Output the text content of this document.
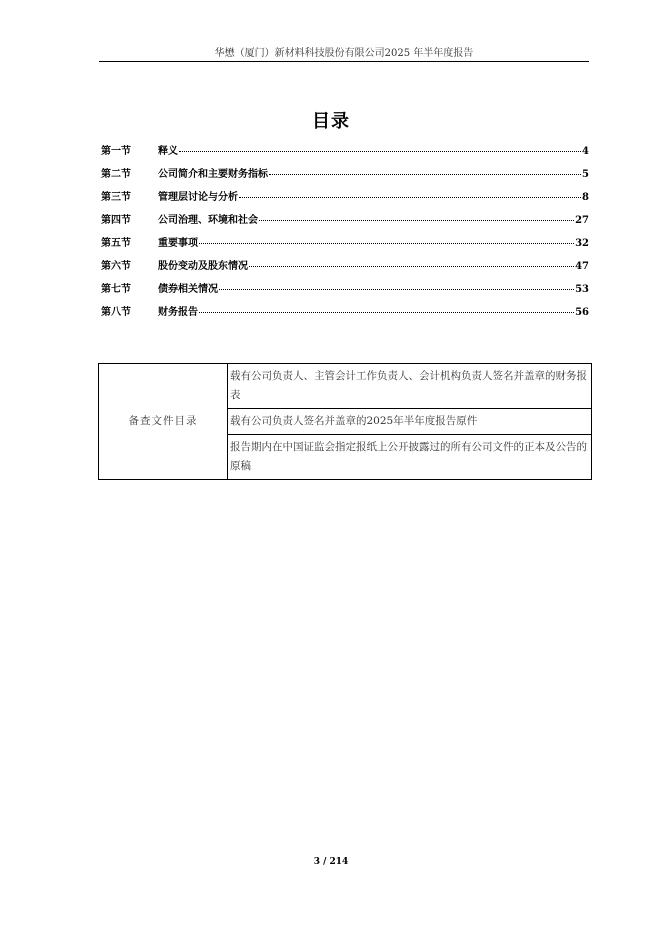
华懋（厦门）新材料科技股份有限公司2025 年半年度报告
目录
第一节	释义	4
第二节	公司简介和主要财务指标	5
第三节	管理层讨论与分析	8
第四节	公司治理、环境和社会	27
第五节	重要事项	32
第六节	股份变动及股东情况	47
第七节	债券相关情况	53
第八节	财务报告	56
备查文件目录	载有公司负责人、主管会计工作负责人、会计机构负责人签名并盖章的财务报表
载有公司负责人签名并盖章的2025年半年度报告原件
报告期内在中国证监会指定报纸上公开披露过的所有公司文件的正本及公告的原稿
3 / 214
